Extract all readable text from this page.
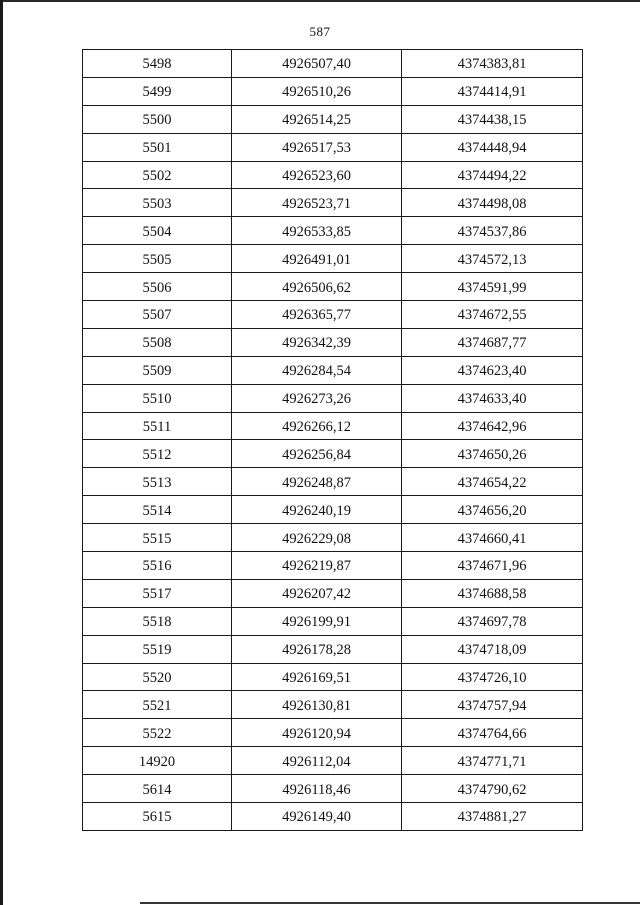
587
5498	4926507,40	4374383,81
5499	4926510,26	4374414,91
5500	4926514,25	4374438,15
5501	4926517,53	4374448,94
5502	4926523,60	4374494,22
5503	4926523,71	4374498,08
5504	4926533,85	4374537,86
5505	4926491,01	4374572,13
5506	4926506,62	4374591,99
5507	4926365,77	4374672,55
5508	4926342,39	4374687,77
5509	4926284,54	4374623,40
5510	4926273,26	4374633,40
5511	4926266,12	4374642,96
5512	4926256,84	4374650,26
5513	4926248,87	4374654,22
5514	4926240,19	4374656,20
5515	4926229,08	4374660,41
5516	4926219,87	4374671,96
5517	4926207,42	4374688,58
5518	4926199,91	4374697,78
5519	4926178,28	4374718,09
5520	4926169,51	4374726,10
5521	4926130,81	4374757,94
5522	4926120,94	4374764,66
14920	4926112,04	4374771,71
5614	4926118,46	4374790,62
5615	4926149,40	4374881,27
